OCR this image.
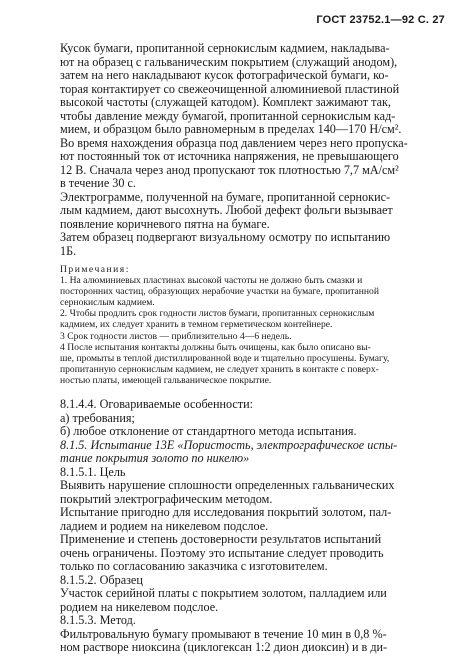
ГОСТ 23752.1—92 С. 27
Кусок бумаги, пропитанной сернокислым кадмием, накладыва-
ют на образец с гальваническим покрытием (служащий анодом),
затем на него накладывают кусок фотографической бумаги, ко-
торая контактирует со свежеочищенной алюминиевой пластиной
высокой частоты (служащей катодом). Комплект зажимают так,
чтобы давление между бумагой, пропитанной сернокислым кад-
мием, и образцом было равномерным в пределах 140—170 Н/см².
Во время нахождения образца под давлением через него пропуска-
ют постоянный ток от источника напряжения, не превышающего
12 В. Сначала через анод пропускают ток плотностью 7,7 мА/см²
в течение 30 с.
Электрограмме, полученной на бумаге, пропитанной сернокис-
лым кадмием, дают высохнуть. Любой дефект фольги вызывает
появление коричневого пятна на бумаге.
Затем образец подвергают визуальному осмотру по испытанию
1Б.
Примечания:
1. На алюминиевых пластинах высокой частоты не должно быть смазки и
посторонних частиц, образующих нерабочие участки на бумаге, пропитанной
сернокислым кадмием.
2. Чтобы продлить срок годности листов бумаги, пропитанных сернокислым
кадмием, их следует хранить в темном герметическом контейнере.
3 Срок годности листов — приблизительно 4—6 недель.
4 После испытания контакты должны быть очищены, как было описано вы-
ше, промыты в теплой дистиллированной воде и тщательно просушены. Бумагу,
пропитанную сернокислым кадмием, не следует хранить в контакте с поверх-
ностью платы, имеющей гальваническое покрытие.
8.1.4.4. Оговариваемые особенности:
а) требования;
б) любое отклонение от стандартного метода испытания.
8.1.5. Испытание 13Е «Пористость, электрографическое испы-
тание покрытия золото по никелю»
8.1.5.1. Цель
Выявить нарушение сплошности определенных гальванических
покрытий электрографическим методом.
Испытание пригодно для исследования покрытий золотом, пал-
ладием и родием на никелевом подслое.
Применение и степень достоверности результатов испытаний
очень ограничены. Поэтому это испытание следует проводить
только по согласованию заказчика с изготовителем.
8.1.5.2. Образец
Участок серийной платы с покрытием золотом, палладием или
родием на никелевом подслое.
8.1.5.3. Метод.
Фильтровальную бумагу промывают в течение 10 мин в 0,8 %-
ном растворе ниоксина (циклогексан 1:2 дион диоксин) и в ди-
